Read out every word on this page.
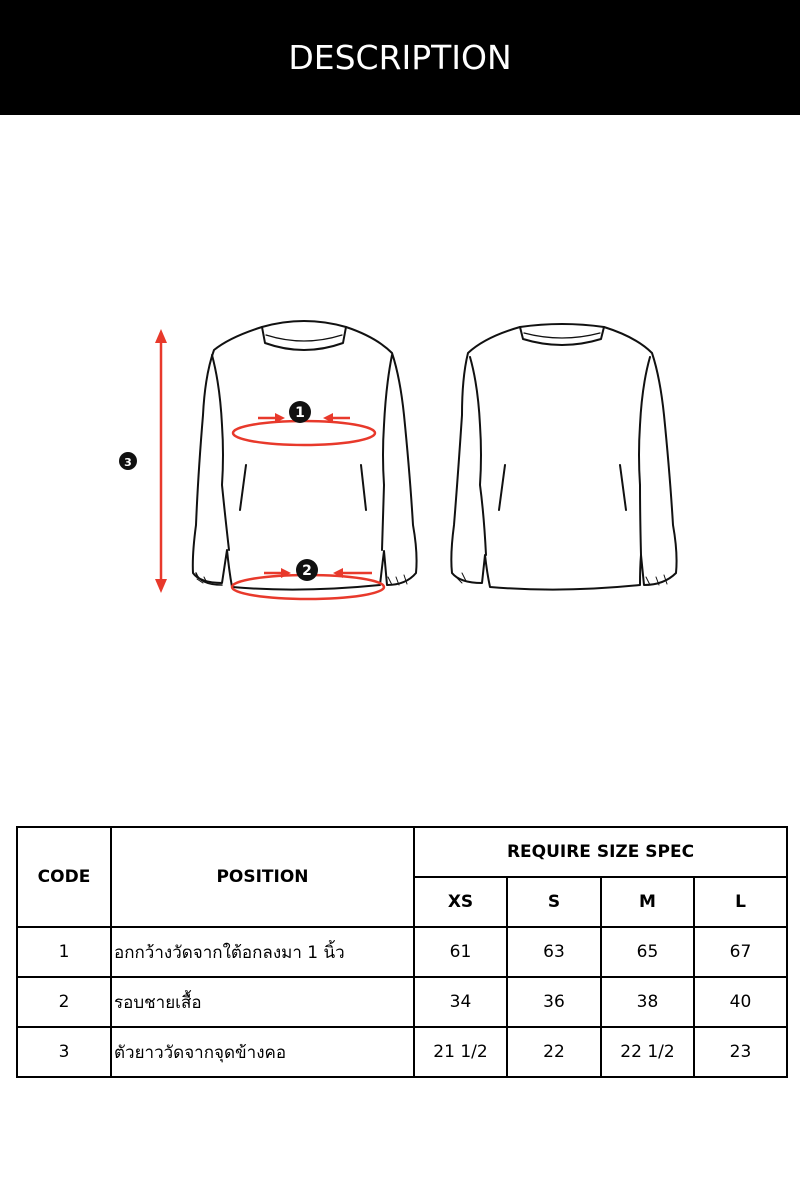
DESCRIPTION
1
2
3
CODE	POSITION	REQUIRE SIZE SPEC			
		XS	S	M	L
1	อกกว้างวัดจากใต้อกลงมา 1 นิ้ว	61	63	65	67
2	รอบชายเสื้อ	34	36	38	40
3	ตัวยาววัดจากจุดข้างคอ	21 1/2	22	22 1/2	23
